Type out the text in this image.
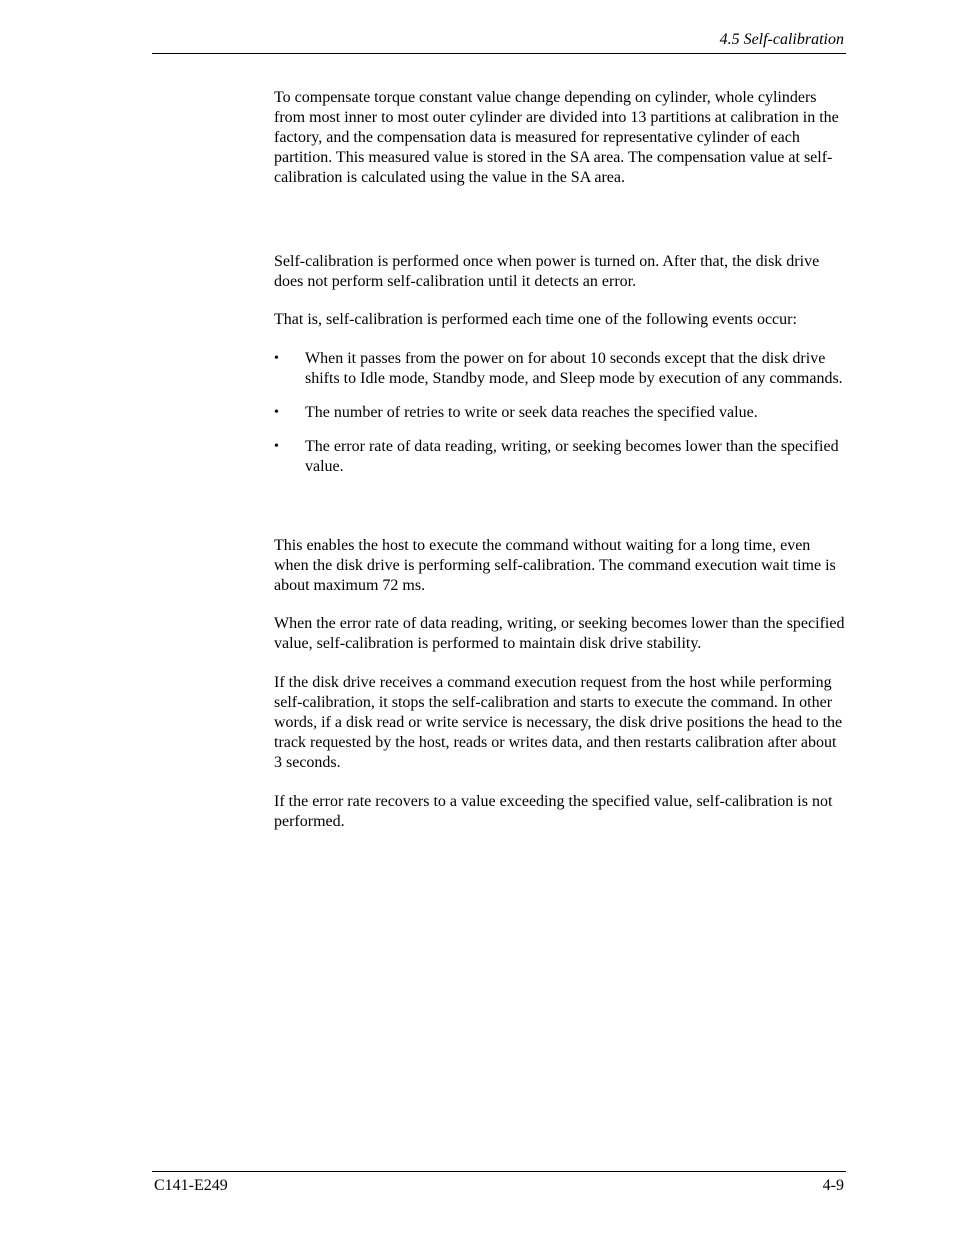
4.5 Self-calibration

To compensate torque constant value change depending on cylinder, whole cylinders from most inner to most outer cylinder are divided into 13 partitions at calibration in the factory, and the compensation data is measured for representative cylinder of each partition. This measured value is stored in the SA area. The compensation value at self-calibration is calculated using the value in the SA area.

Self-calibration is performed once when power is turned on. After that, the disk drive does not perform self-calibration until it detects an error.

That is, self-calibration is performed each time one of the following events occur:

• When it passes from the power on for about 10 seconds except that the disk drive shifts to Idle mode, Standby mode, and Sleep mode by execution of any commands.
• The number of retries to write or seek data reaches the specified value.
• The error rate of data reading, writing, or seeking becomes lower than the specified value.

This enables the host to execute the command without waiting for a long time, even when the disk drive is performing self-calibration. The command execution wait time is about maximum 72 ms.

When the error rate of data reading, writing, or seeking becomes lower than the specified value, self-calibration is performed to maintain disk drive stability.

If the disk drive receives a command execution request from the host while performing self-calibration, it stops the self-calibration and starts to execute the command. In other words, if a disk read or write service is necessary, the disk drive positions the head to the track requested by the host, reads or writes data, and then restarts calibration after about 3 seconds.

If the error rate recovers to a value exceeding the specified value, self-calibration is not performed.

C141-E249	4-9
